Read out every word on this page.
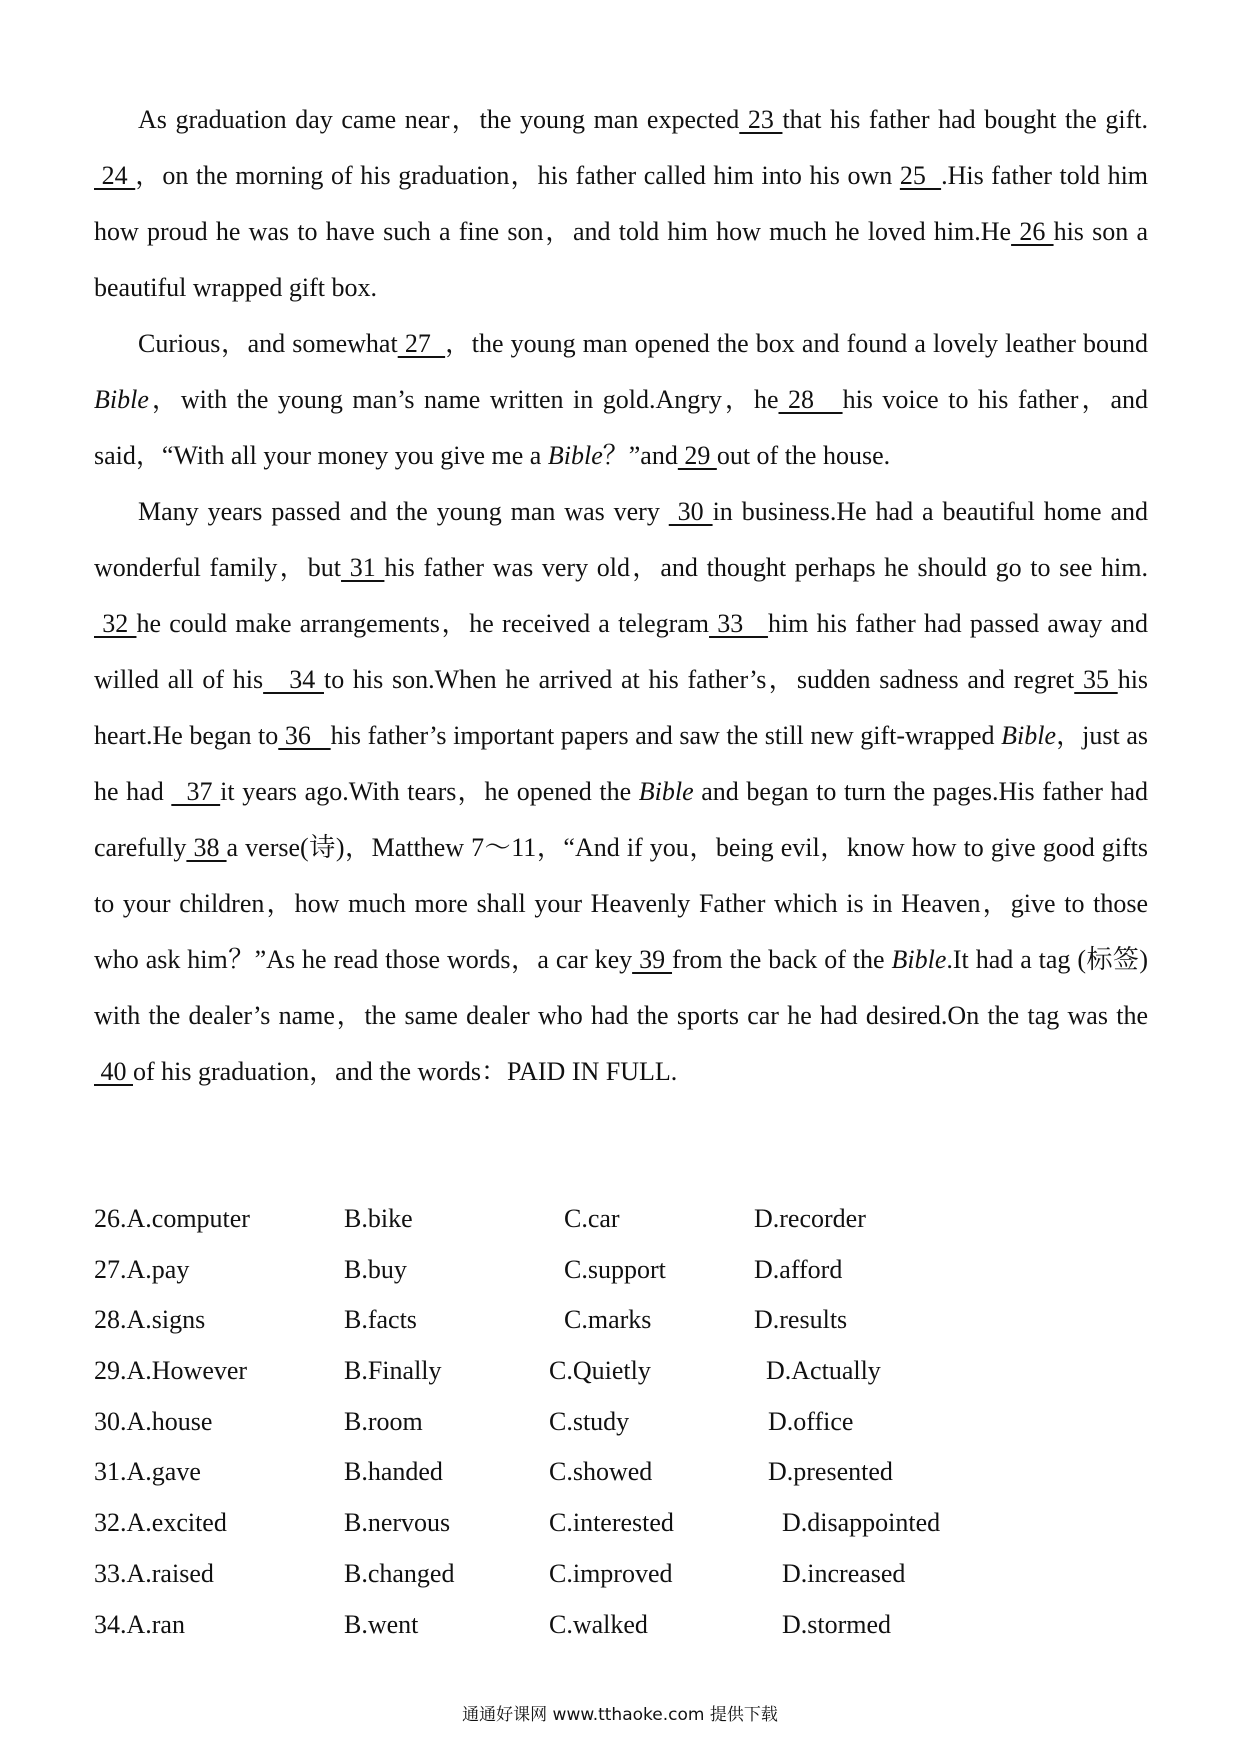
As graduation day came near，the young man expected 23 that his father had bought the gift. 24 ，on the morning of his graduation，his father called him into his own 25  .His father told him how proud he was to have such a fine son，and told him how much he loved him.He 26 his son a beautiful wrapped gift box.

Curious，and somewhat 27  ，the young man opened the box and found a lovely leather bound Bible，with the young man’s name written in gold.Angry，he 28   his voice to his father，and said，“With all your money you give me a Bible？”and 29 out of the house.

Many years passed and the young man was very  30 in business.He had a beautiful home and wonderful family，but 31 his father was very old，and thought perhaps he should go to see him. 32 he could make arrangements，he received a telegram 33   him his father had passed away and willed all of his   34 to his son.When he arrived at his father’s，sudden sadness and regret 35 his heart.He began to 36   his father’s important papers and saw the still new gift-wrapped Bible，just as he had   37 it years ago.With tears，he opened the Bible and began to turn the pages.His father had carefully 38 a verse(诗)，Matthew 7～11，“And if you，being evil，know how to give good gifts to your children，how much more shall your Heavenly Father which is in Heaven，give to those who ask him？”As he read those words，a car key 39 from the back of the Bible.It had a tag (标签) with the dealer’s name，the same dealer who had the sports car he had desired.On the tag was the 40 of his graduation，and the words：PAID IN FULL.

26.A.computer	B.bike	C.car	D.recorder
27.A.pay	B.buy	C.support	D.afford
28.A.signs	B.facts	C.marks	D.results
29.A.However	B.Finally	C.Quietly	D.Actually
30.A.house	B.room	C.study	D.office
31.A.gave	B.handed	C.showed	D.presented
32.A.excited	B.nervous	C.interested	D.disappointed
33.A.raised	B.changed	C.improved	D.increased
34.A.ran	B.went	C.walked	D.stormed
通通好课网 www.tthaoke.com 提供下载
